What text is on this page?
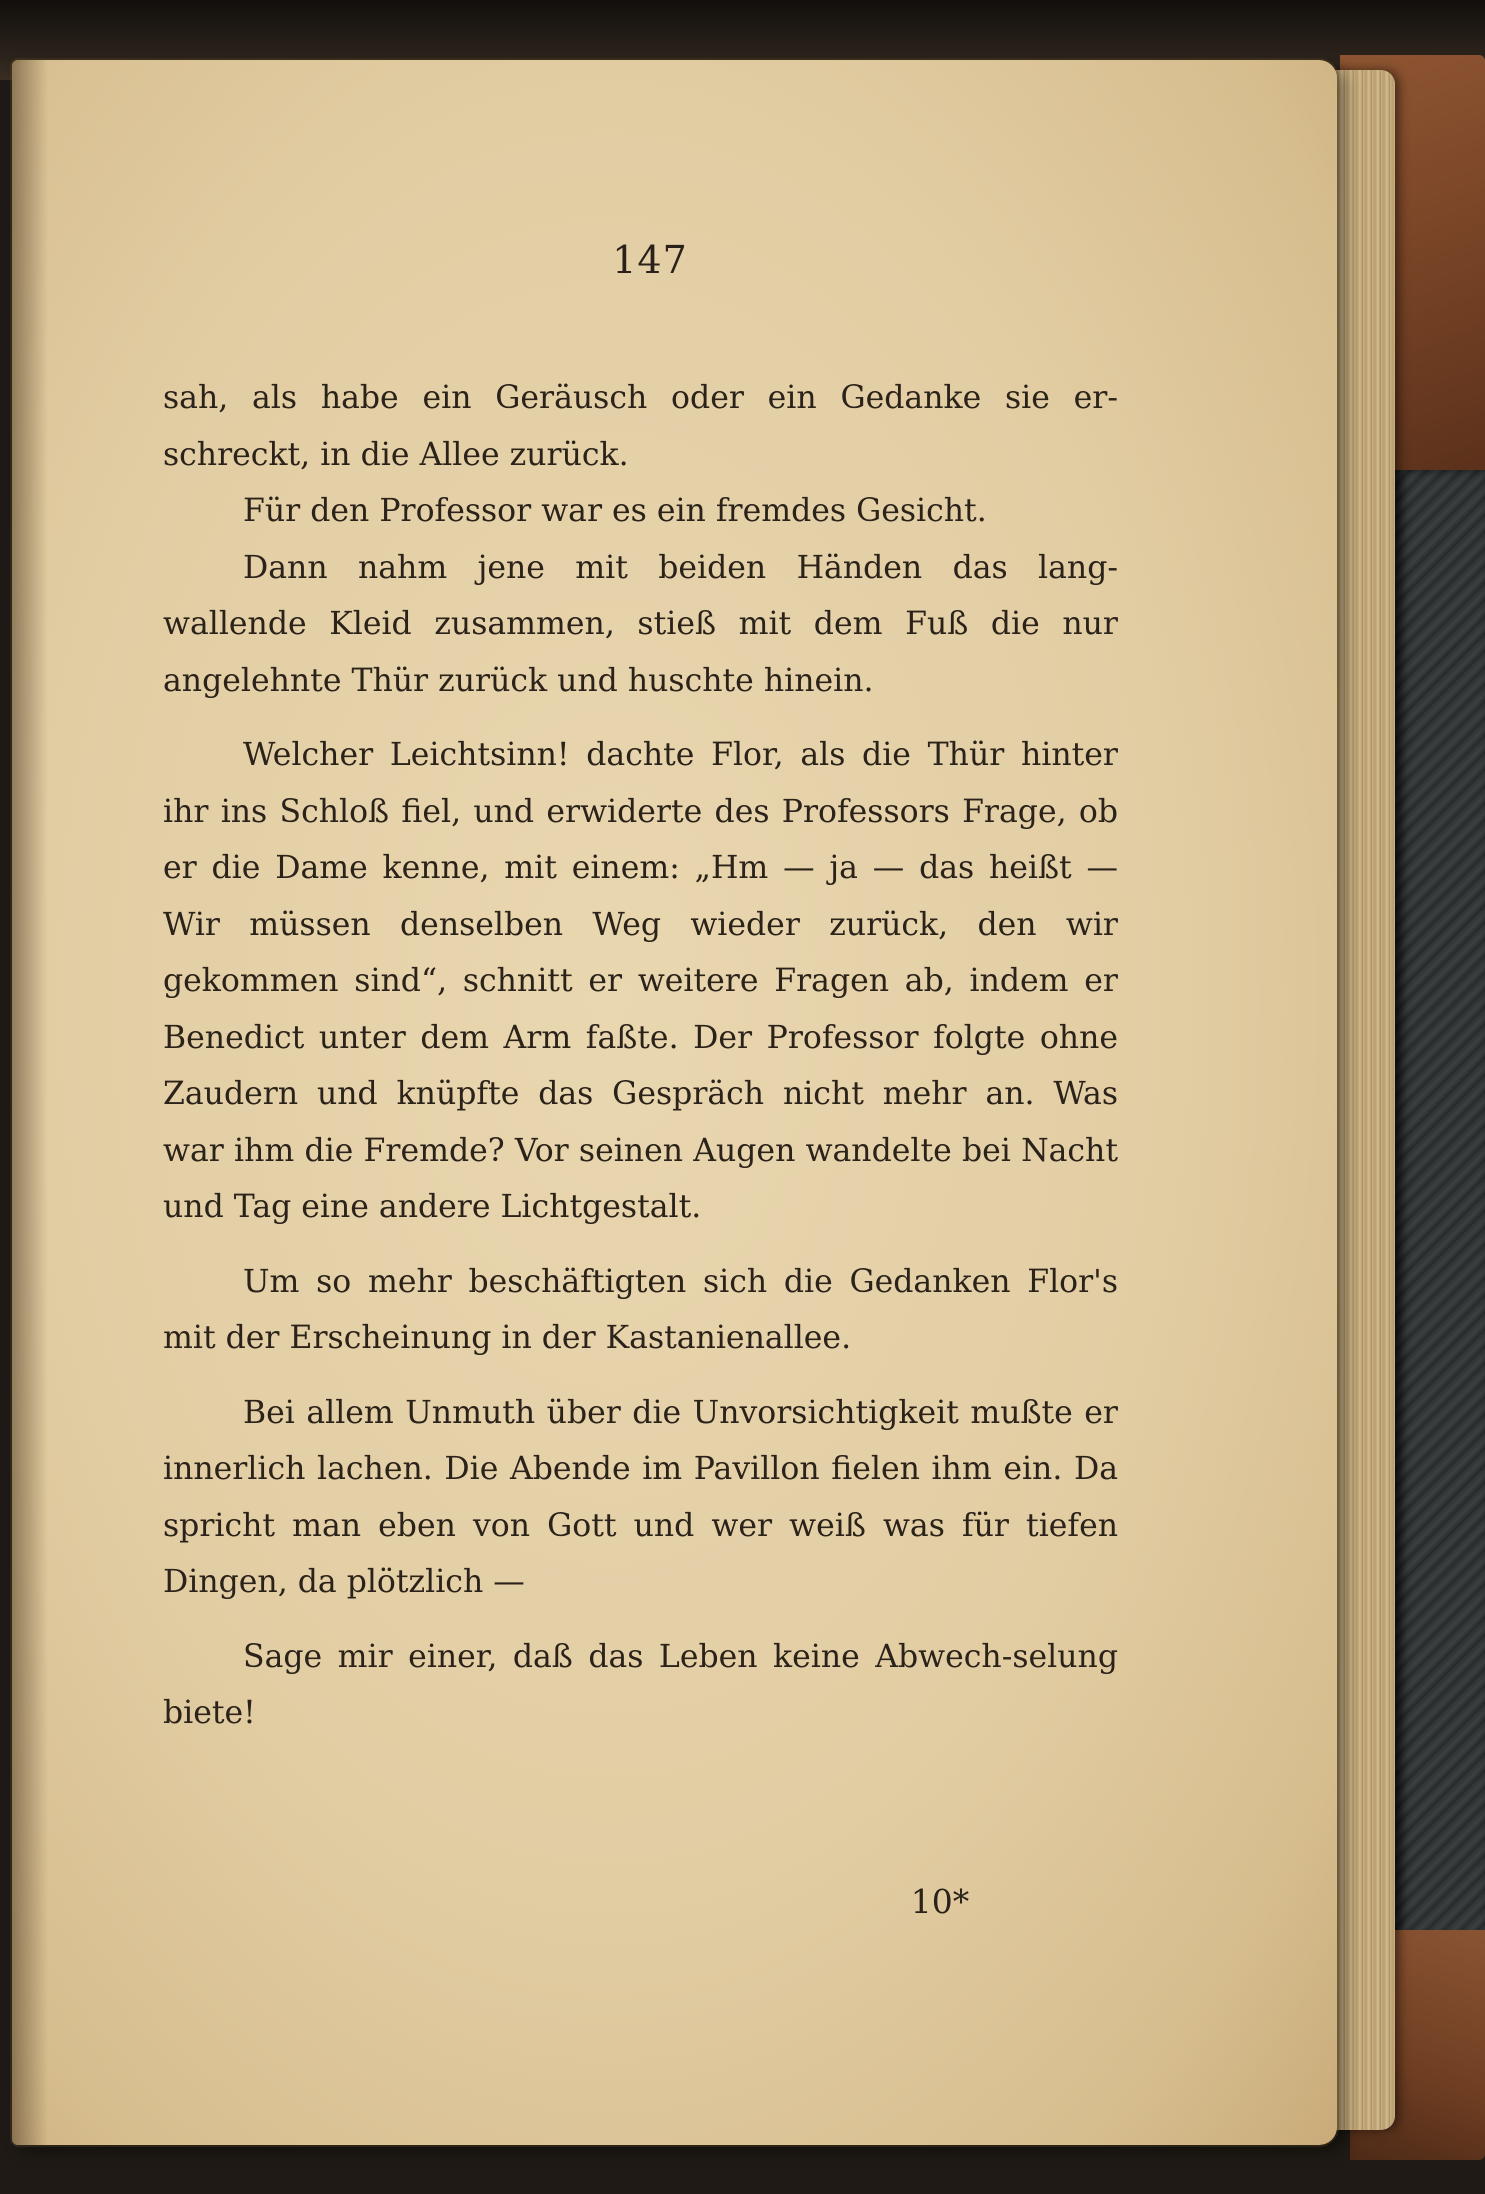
147

sah, als habe ein Geräusch oder ein Gedanke sie er-schreckt, in die Allee zurück.

Für den Professor war es ein fremdes Gesicht.

Dann nahm jene mit beiden Händen das lang-wallende Kleid zusammen, stieß mit dem Fuß die nur angelehnte Thür zurück und huschte hinein.

Welcher Leichtsinn! dachte Flor, als die Thür hinter ihr ins Schloß fiel, und erwiderte des Professors Frage, ob er die Dame kenne, mit einem: „Hm — ja — das heißt — Wir müssen denselben Weg wieder zurück, den wir gekommen sind“, schnitt er weitere Fragen ab, indem er Benedict unter dem Arm faßte. Der Professor folgte ohne Zaudern und knüpfte das Gespräch nicht mehr an. Was war ihm die Fremde? Vor seinen Augen wandelte bei Nacht und Tag eine andere Lichtgestalt.

Um so mehr beschäftigten sich die Gedanken Flor's mit der Erscheinung in der Kastanienallee.

Bei allem Unmuth über die Unvorsichtigkeit mußte er innerlich lachen. Die Abende im Pavillon fielen ihm ein. Da spricht man eben von Gott und wer weiß was für tiefen Dingen, da plötzlich —

Sage mir einer, daß das Leben keine Abwech-selung biete!

10*
